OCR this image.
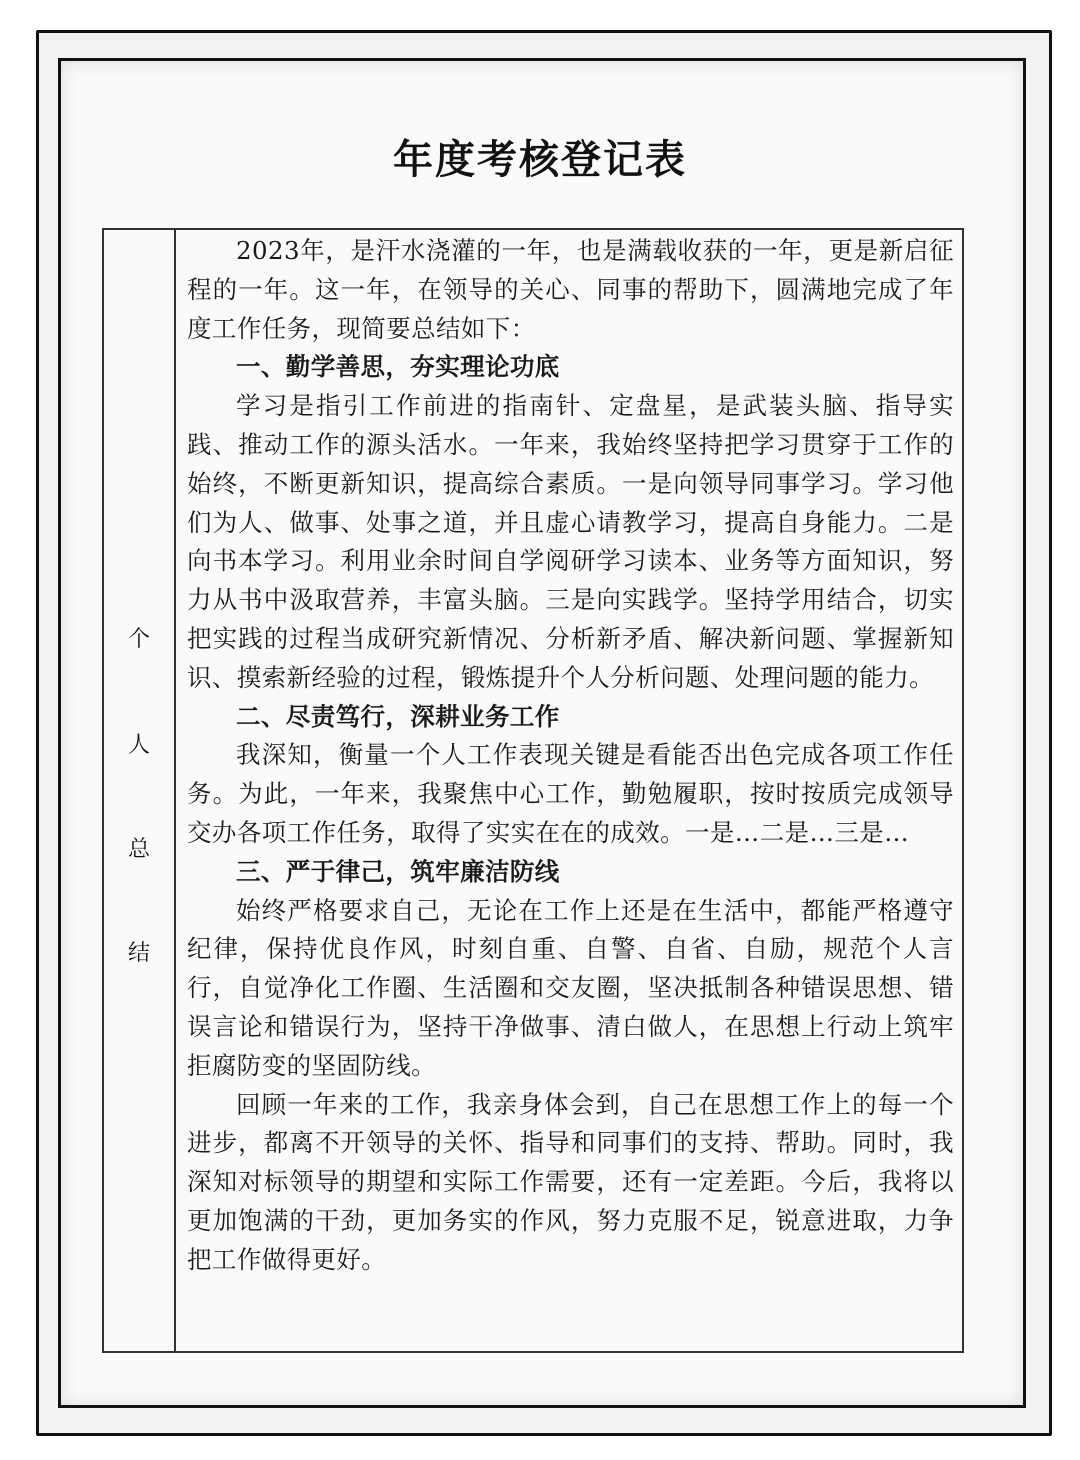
年度考核登记表
个
人
总
结

2023年，是汗水浇灌的一年，也是满载收获的一年，更是新启征程的一年。这一年，在领导的关心、同事的帮助下，圆满地完成了年度工作任务，现简要总结如下：

一、勤学善思，夯实理论功底

学习是指引工作前进的指南针、定盘星，是武装头脑、指导实践、推动工作的源头活水。一年来，我始终坚持把学习贯穿于工作的始终，不断更新知识，提高综合素质。一是向领导同事学习。学习他们为人、做事、处事之道，并且虚心请教学习，提高自身能力。二是向书本学习。利用业余时间自学阅研学习读本、业务等方面知识，努力从书中汲取营养，丰富头脑。三是向实践学。坚持学用结合，切实把实践的过程当成研究新情况、分析新矛盾、解决新问题、掌握新知识、摸索新经验的过程，锻炼提升个人分析问题、处理问题的能力。

二、尽责笃行，深耕业务工作

我深知，衡量一个人工作表现关键是看能否出色完成各项工作任务。为此，一年来，我聚焦中心工作，勤勉履职，按时按质完成领导交办各项工作任务，取得了实实在在的成效。一是…二是…三是…

三、严于律己，筑牢廉洁防线

始终严格要求自己，无论在工作上还是在生活中，都能严格遵守纪律，保持优良作风，时刻自重、自警、自省、自励，规范个人言行，自觉净化工作圈、生活圈和交友圈，坚决抵制各种错误思想、错误言论和错误行为，坚持干净做事、清白做人，在思想上行动上筑牢拒腐防变的坚固防线。

回顾一年来的工作，我亲身体会到，自己在思想工作上的每一个进步，都离不开领导的关怀、指导和同事们的支持、帮助。同时，我深知对标领导的期望和实际工作需要，还有一定差距。今后，我将以更加饱满的干劲，更加务实的作风，努力克服不足，锐意进取，力争把工作做得更好。
